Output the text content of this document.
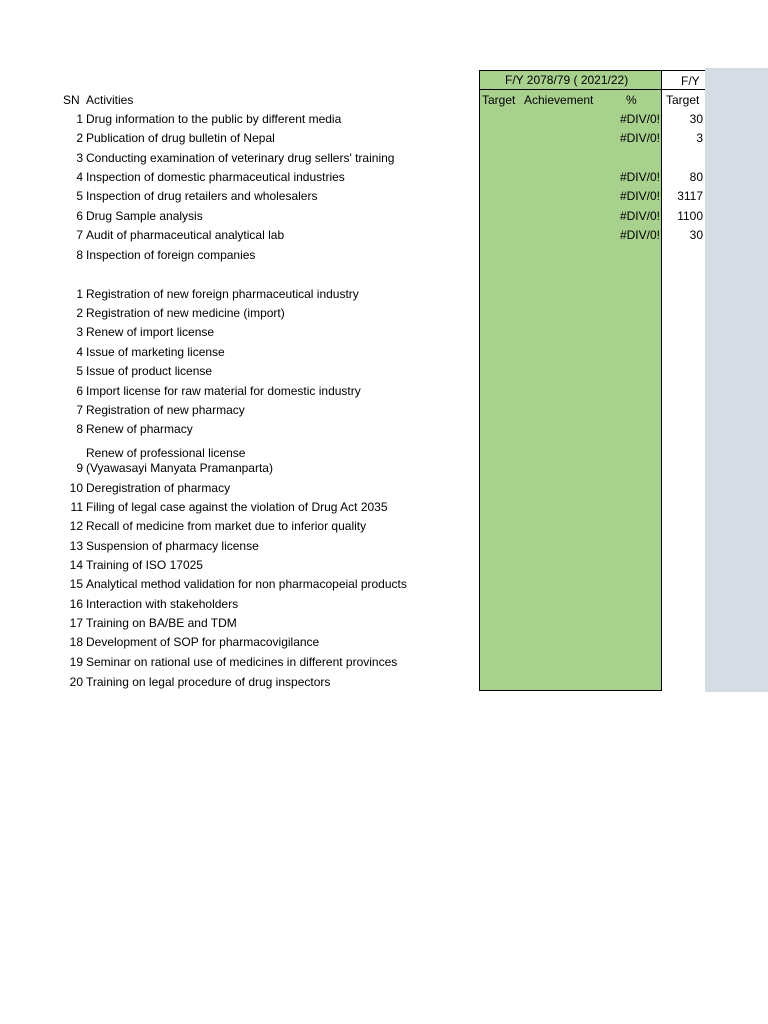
F/Y 2078/79 ( 2021/22)	F/Y
SN Activities	Target Achievement	% Target
1 Drug information to the public by different media	#DIV/0!	30
2 Publication of drug bulletin of Nepal	#DIV/0!	3
3 Conducting examination of veterinary drug sellers' training
4 Inspection of domestic pharmaceutical industries	#DIV/0!	80
5 Inspection of drug retailers and wholesalers	#DIV/0!	3117
6 Drug Sample analysis	#DIV/0!	1100
7 Audit of pharmaceutical analytical lab	#DIV/0!	30
8 Inspection of foreign companies
1 Registration of new foreign pharmaceutical industry
2 Registration of new medicine (import)
3 Renew of import license
4 Issue of marketing license
5 Issue of product license
6 Import license for raw material for domestic industry
7 Registration of new pharmacy
8 Renew of pharmacy
9 (Vyawasayi Manyata Pramanparta)
Renew of professional license
10 Deregistration of pharmacy
11 Filing of legal case against the violation of Drug Act 2035
12 Recall of medicine from market due to inferior quality
13 Suspension of pharmacy license
14 Training of ISO 17025
15 Analytical method validation for non pharmacopeial products
16 Interaction with stakeholders
17 Training on BA/BE and TDM
18 Development of SOP for pharmacovigilance
19 Seminar on rational use of medicines in different provinces
20 Training on legal procedure of drug inspectors
